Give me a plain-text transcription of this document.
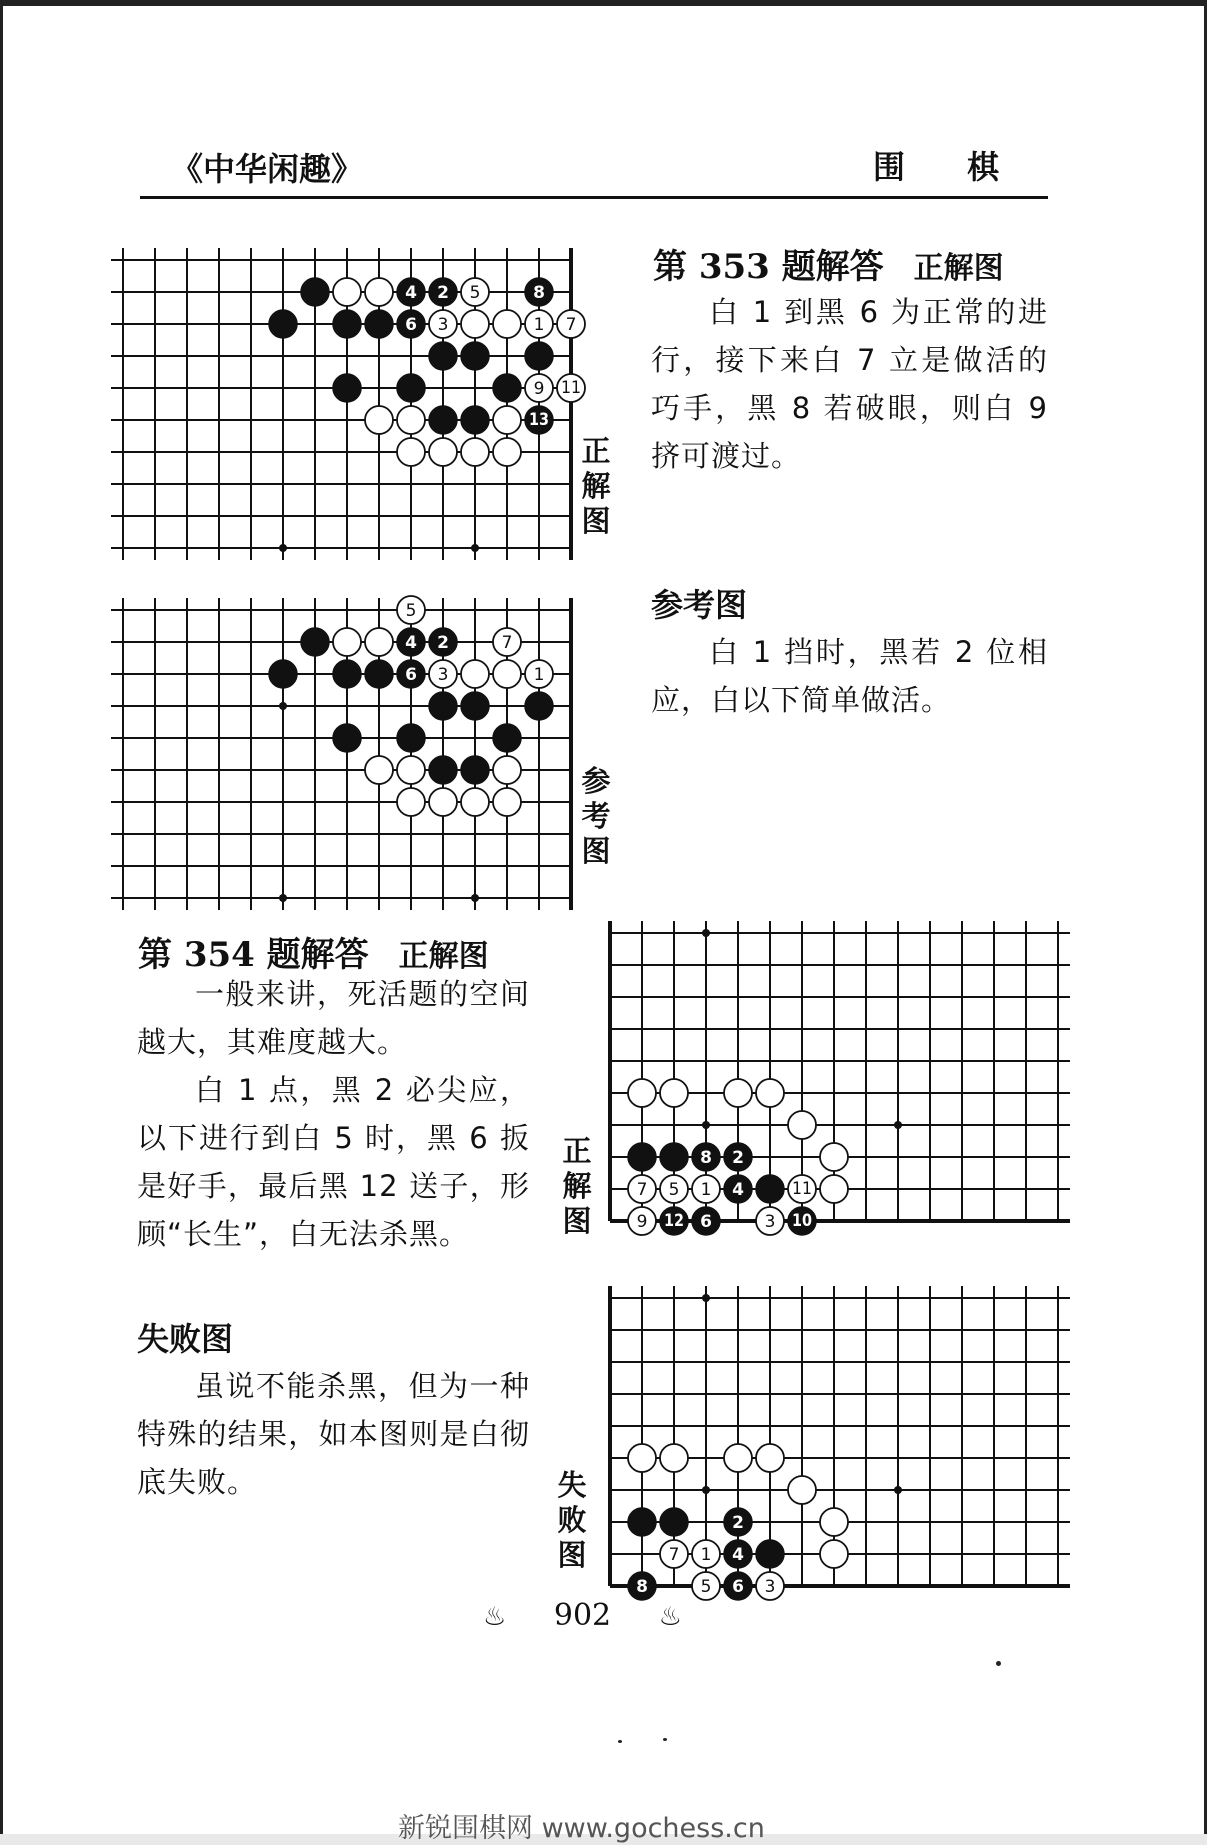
《中华闲趣》	围棋
4 2 5	8
6 3	1 7
9 11
13
正解图
5
4 2	7
6 3	1
参考图
第 353 题解答 正解图

白 1 到黑 6 为正常的进行，接下来白 7 立是做活的巧手，黑 8 若破眼，则白 9 挤可渡过。

参考图

白 1 挡时，黑若 2 位相应，白以下简单做活。

第 354 题解答 正解图

一般来讲，死活题的空间越大，其难度越大。

白 1 点，黑 2 必尖应，以下进行到白 5 时，黑 6 扳是好手，最后黑 12 送子，形顾“长生”，白无法杀黑。

失败图

虽说不能杀黑，但为一种特殊的结果，如本图则是白彻底失败。

8 2
7 5 1 4	11
9 12 6	3 10
正解图
2
7 1 4
8	5 6 3
失败图
♨ 902 ♨
新锐围棋网 www.gochess.cn
